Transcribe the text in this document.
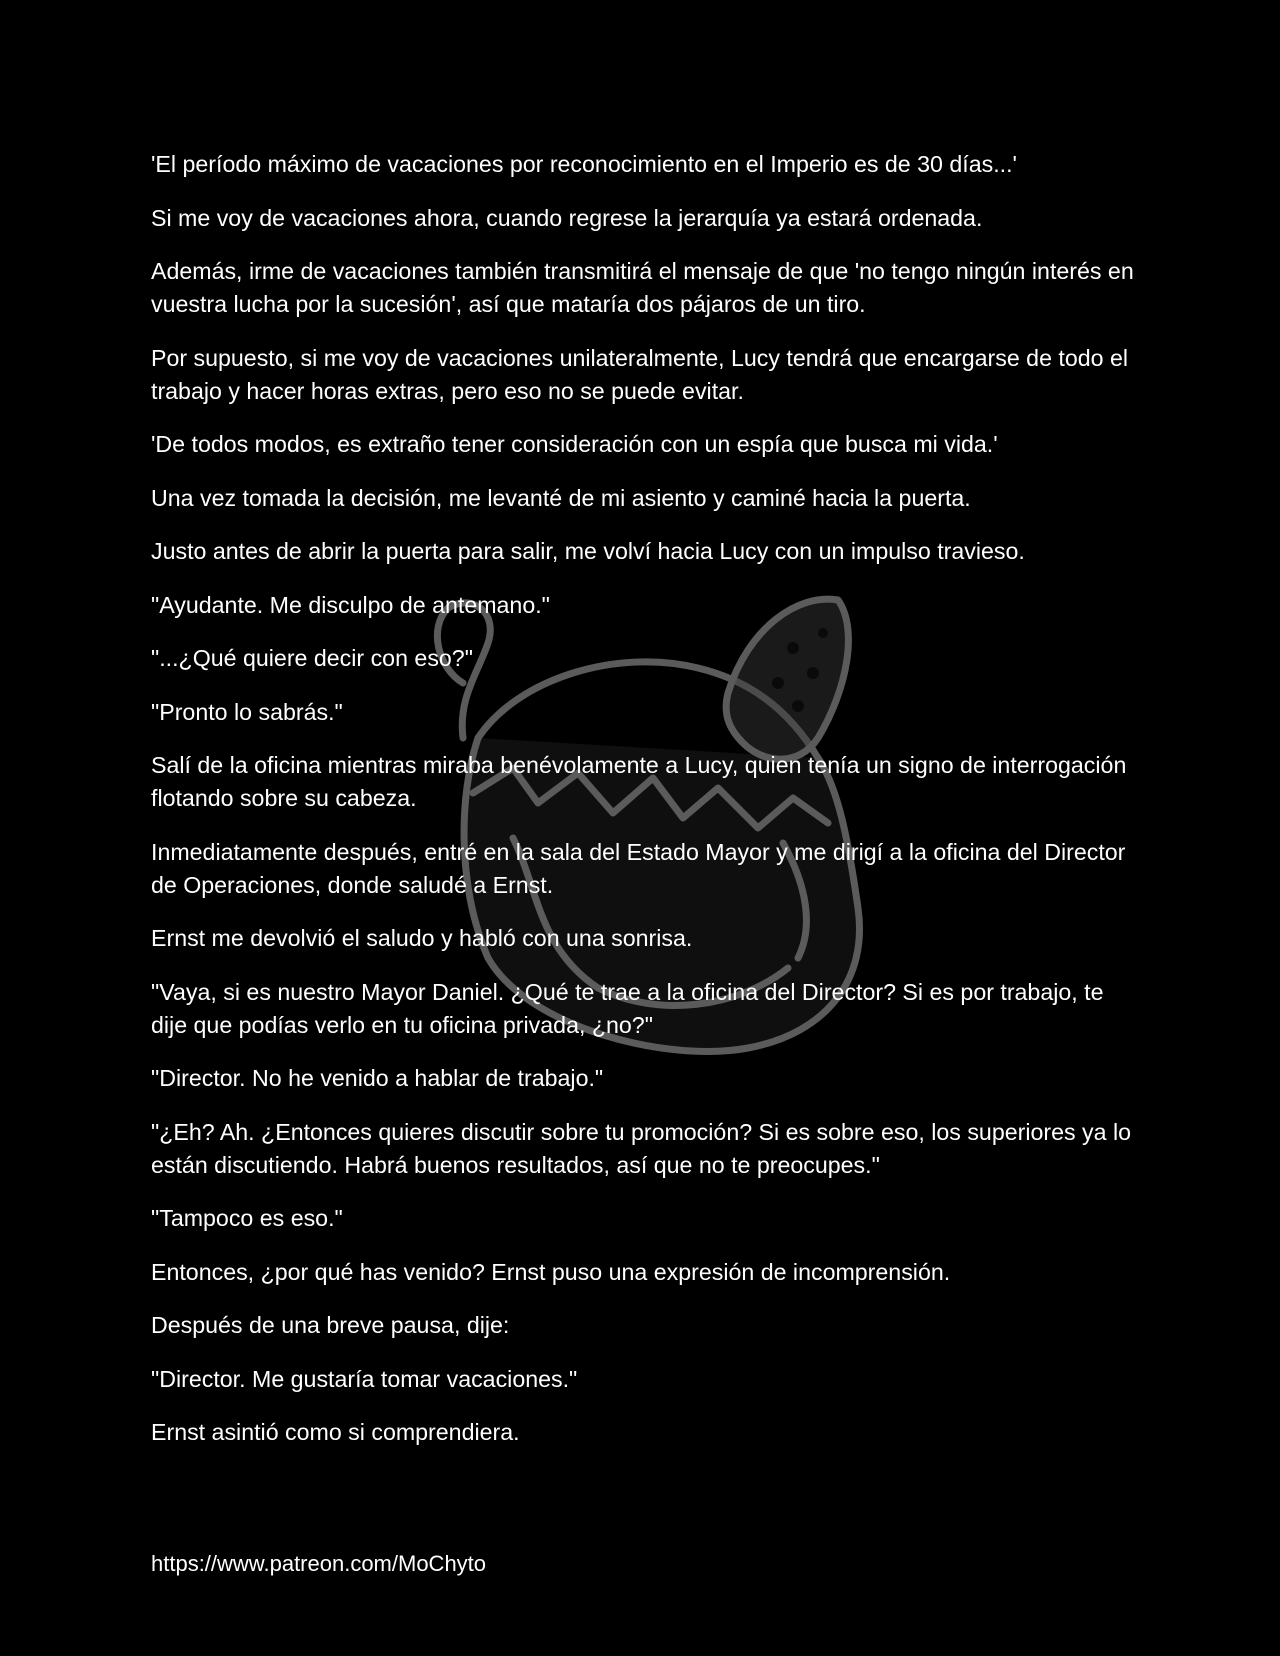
'El período máximo de vacaciones por reconocimiento en el Imperio es de 30 días...'

Si me voy de vacaciones ahora, cuando regrese la jerarquía ya estará ordenada.

Además, irme de vacaciones también transmitirá el mensaje de que 'no tengo ningún interés en vuestra lucha por la sucesión', así que mataría dos pájaros de un tiro.

Por supuesto, si me voy de vacaciones unilateralmente, Lucy tendrá que encargarse de todo el trabajo y hacer horas extras, pero eso no se puede evitar.

'De todos modos, es extraño tener consideración con un espía que busca mi vida.'

Una vez tomada la decisión, me levanté de mi asiento y caminé hacia la puerta.

Justo antes de abrir la puerta para salir, me volví hacia Lucy con un impulso travieso.

"Ayudante. Me disculpo de antemano."

"...¿Qué quiere decir con eso?"

"Pronto lo sabrás."

Salí de la oficina mientras miraba benévolamente a Lucy, quien tenía un signo de interrogación flotando sobre su cabeza.

Inmediatamente después, entré en la sala del Estado Mayor y me dirigí a la oficina del Director de Operaciones, donde saludé a Ernst.

Ernst me devolvió el saludo y habló con una sonrisa.

"Vaya, si es nuestro Mayor Daniel. ¿Qué te trae a la oficina del Director? Si es por trabajo, te dije que podías verlo en tu oficina privada, ¿no?"

"Director. No he venido a hablar de trabajo."

"¿Eh? Ah. ¿Entonces quieres discutir sobre tu promoción? Si es sobre eso, los superiores ya lo están discutiendo. Habrá buenos resultados, así que no te preocupes."

"Tampoco es eso."

Entonces, ¿por qué has venido? Ernst puso una expresión de incomprensión.

Después de una breve pausa, dije:

"Director. Me gustaría tomar vacaciones."

Ernst asintió como si comprendiera.

https://www.patreon.com/MoChyto
